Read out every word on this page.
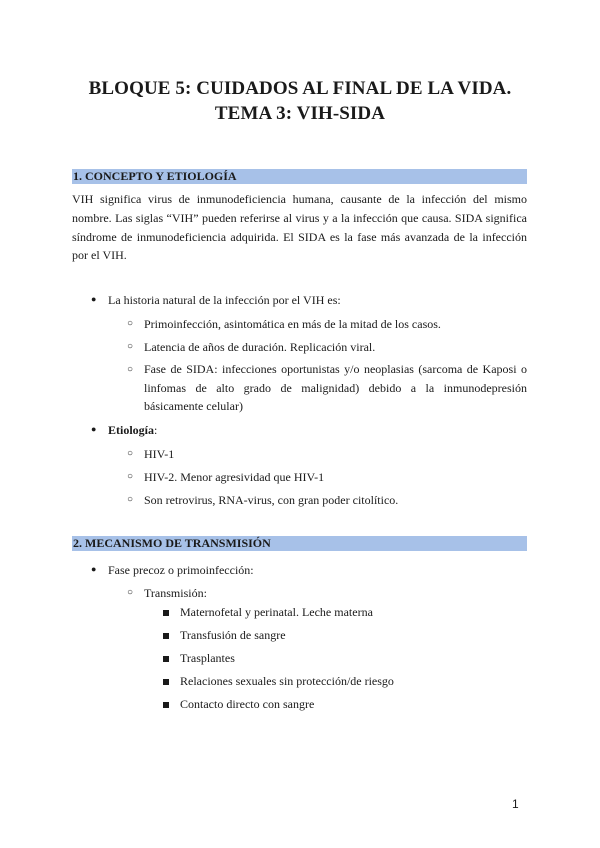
BLOQUE 5: CUIDADOS AL FINAL DE LA VIDA.
TEMA 3: VIH-SIDA
1. CONCEPTO Y ETIOLOGÍA
VIH significa virus de inmunodeficiencia humana, causante de la infección del mismo
nombre. Las siglas “VIH” pueden referirse al virus y a la infección que causa. SIDA significa
síndrome de inmunodeficiencia adquirida. El SIDA es la fase más avanzada de la infección
por el VIH.
● La historia natural de la infección por el VIH es:
○ Primoinfección, asintomática en más de la mitad de los casos.
○ Latencia de años de duración. Replicación viral.
○ Fase de SIDA: infecciones oportunistas y/o neoplasias (sarcoma de Kaposi o linfomas de alto grado de malignidad) debido a la inmunodepresión básicamente celular)
● Etiología:
○ HIV-1
○ HIV-2. Menor agresividad que HIV-1
○ Son retrovirus, RNA-virus, con gran poder citolítico.
2. MECANISMO DE TRANSMISIÓN
● Fase precoz o primoinfección:
○ Transmisión:
Maternofetal y perinatal. Leche materna
Transfusión de sangre
Trasplantes
Relaciones sexuales sin protección/de riesgo
Contacto directo con sangre
1
